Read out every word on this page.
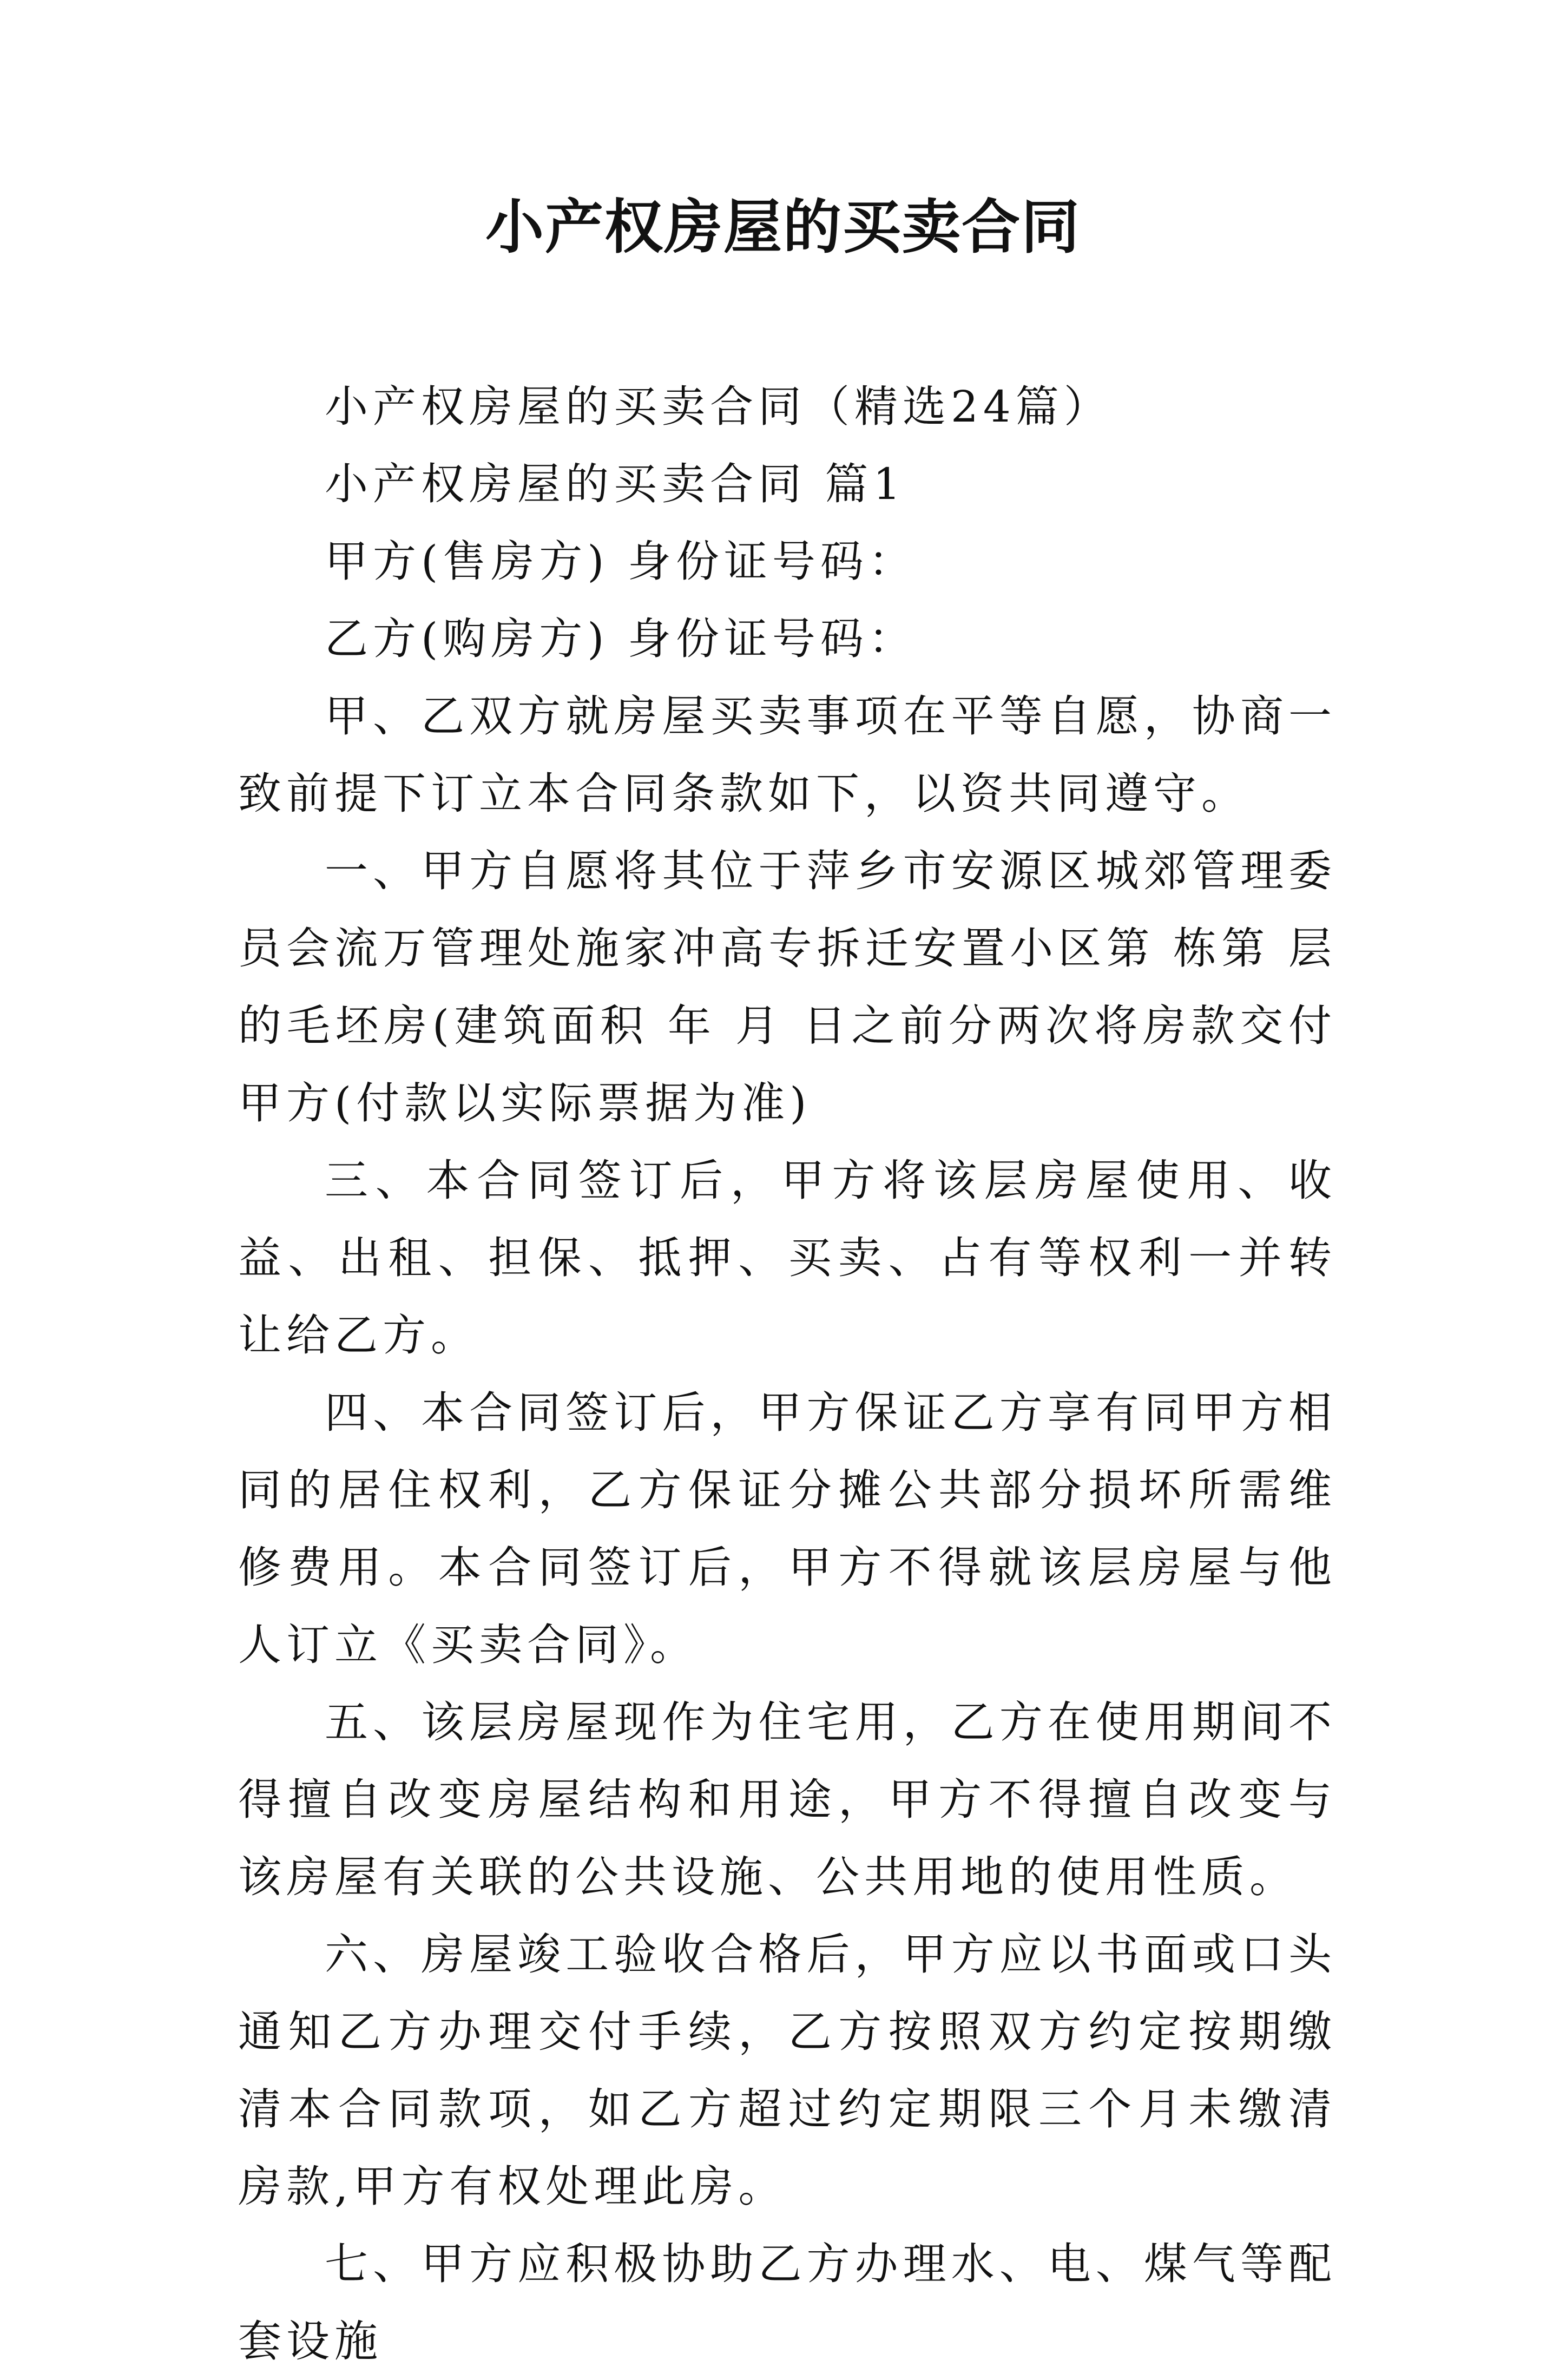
小产权房屋的买卖合同

小产权房屋的买卖合同（精选24篇）

小产权房屋的买卖合同 篇1

甲方(售房方) 身份证号码：

乙方(购房方) 身份证号码：

甲、乙双方就房屋买卖事项在平等自愿，协商一致前提下订立本合同条款如下，以资共同遵守。

一、甲方自愿将其位于萍乡市安源区城郊管理委员会流万管理处施家冲高专拆迁安置小区第 栋第 层的毛坯房(建筑面积 年 月 日之前分两次将房款交付甲方(付款以实际票据为准)

三、本合同签订后，甲方将该层房屋使用、收益、出租、担保、抵押、买卖、占有等权利一并转让给乙方。

四、本合同签订后，甲方保证乙方享有同甲方相同的居住权利，乙方保证分摊公共部分损坏所需维修费用。本合同签订后，甲方不得就该层房屋与他人订立《买卖合同》。

五、该层房屋现作为住宅用，乙方在使用期间不得擅自改变房屋结构和用途，甲方不得擅自改变与该房屋有关联的公共设施、公共用地的使用性质。

六、房屋竣工验收合格后，甲方应以书面或口头通知乙方办理交付手续，乙方按照双方约定按期缴清本合同款项，如乙方超过约定期限三个月未缴清房款,甲方有权处理此房。

七、甲方应积极协助乙方办理水、电、煤气等配套设施
